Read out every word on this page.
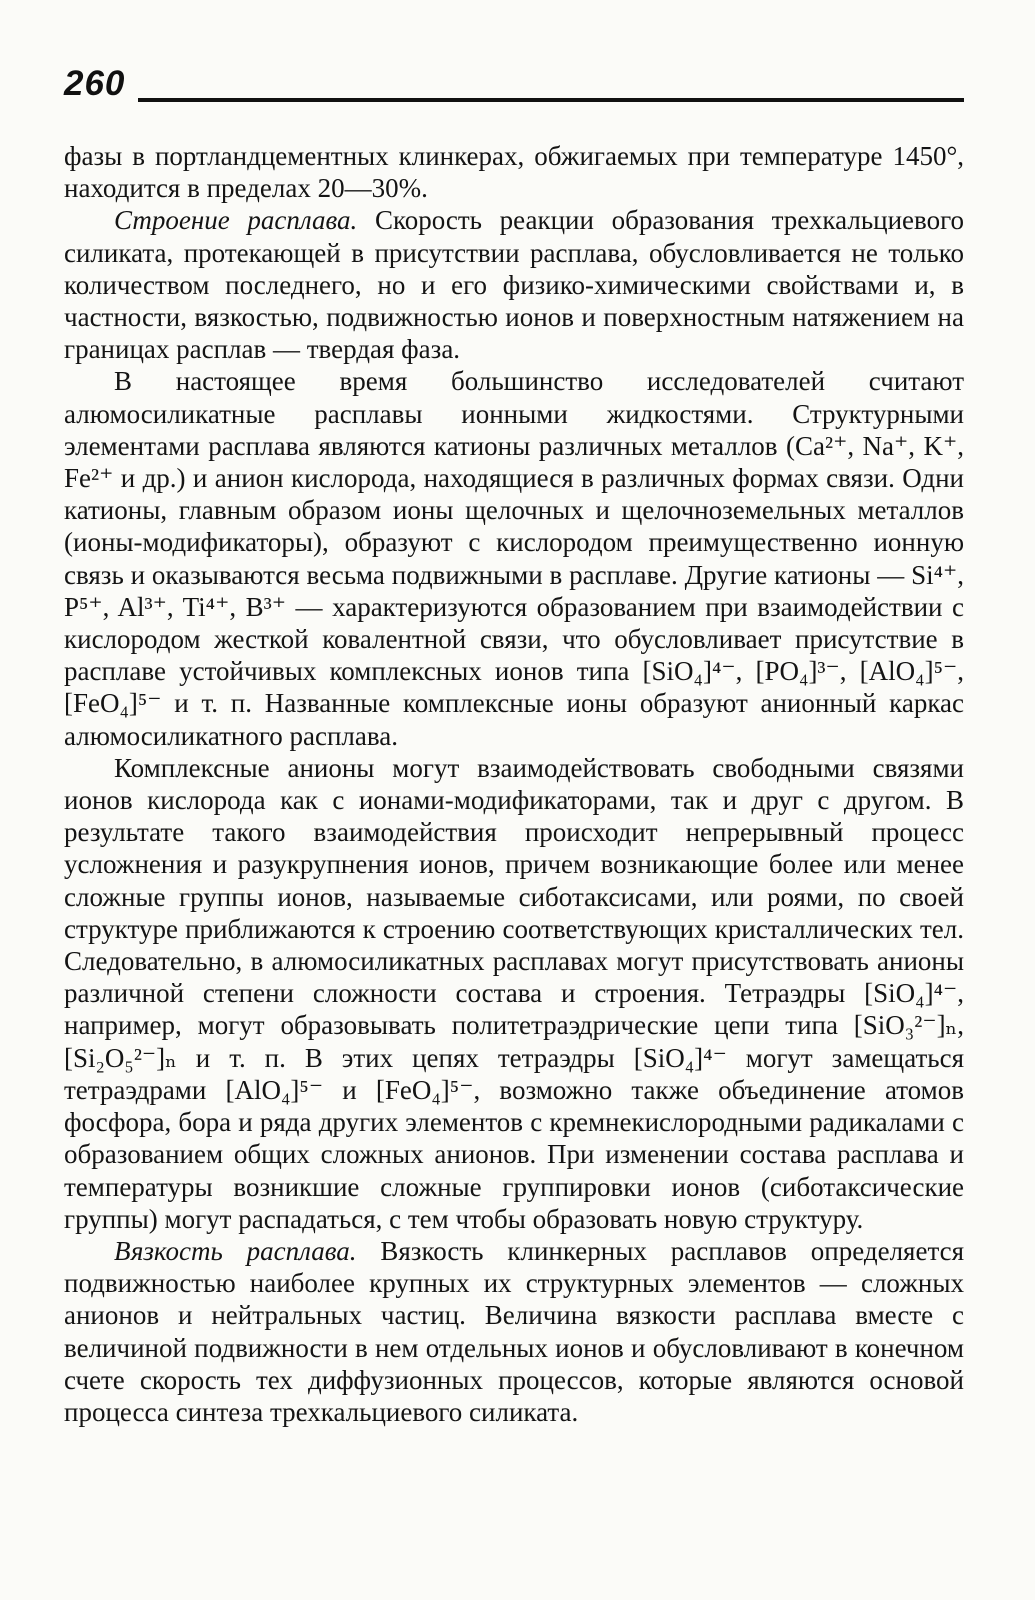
260

фазы в портландцементных клинкерах, обжигаемых при температуре 1450°, находится в пределах 20—30%.

Строение расплава. Скорость реакции образования трехкальциевого силиката, протекающей в присутствии расплава, обусловливается не только количеством последнего, но и его физико-химическими свойствами и, в частности, вязкостью, подвижностью ионов и поверхностным натяжением на границах расплав — твердая фаза.

В настоящее время большинство исследователей считают алюмосиликатные расплавы ионными жидкостями. Структурными элементами расплава являются катионы различных металлов (Ca²⁺, Na⁺, K⁺, Fe²⁺ и др.) и анион кислорода, находящиеся в различных формах связи. Одни катионы, главным образом ионы щелочных и щелочноземельных металлов (ионы-модификаторы), образуют с кислородом преимущественно ионную связь и оказываются весьма подвижными в расплаве. Другие катионы — Si⁴⁺, P⁵⁺, Al³⁺, Ti⁴⁺, B³⁺ — характеризуются образованием при взаимодействии с кислородом жесткой ковалентной связи, что обусловливает присутствие в расплаве устойчивых комплексных ионов типа [SiO₄]⁴⁻, [PO₄]³⁻, [AlO₄]⁵⁻, [FeO₄]⁵⁻ и т. п. Названные комплексные ионы образуют анионный каркас алюмосиликатного расплава.

Комплексные анионы могут взаимодействовать свободными связями ионов кислорода как с ионами-модификаторами, так и друг с другом. В результате такого взаимодействия происходит непрерывный процесс усложнения и разукрупнения ионов, причем возникающие более или менее сложные группы ионов, называемые сиботаксисами, или роями, по своей структуре приближаются к строению соответствующих кристаллических тел. Следовательно, в алюмосиликатных расплавах могут присутствовать анионы различной степени сложности состава и строения. Тетраэдры [SiO₄]⁴⁻, например, могут образовывать политетраэдрические цепи типа [SiO₃²⁻]ₙ, [Si₂O₅²⁻]ₙ и т. п. В этих цепях тетраэдры [SiO₄]⁴⁻ могут замещаться тетраэдрами [AlO₄]⁵⁻ и [FeO₄]⁵⁻, возможно также объединение атомов фосфора, бора и ряда других элементов с кремнекислородными радикалами с образованием общих сложных анионов. При изменении состава расплава и температуры возникшие сложные группировки ионов (сиботаксические группы) могут распадаться, с тем чтобы образовать новую структуру.

Вязкость расплава. Вязкость клинкерных расплавов определяется подвижностью наиболее крупных их структурных элементов — сложных анионов и нейтральных частиц. Величина вязкости расплава вместе с величиной подвижности в нем отдельных ионов и обусловливают в конечном счете скорость тех диффузионных процессов, которые являются основой процесса синтеза трехкальциевого силиката.
